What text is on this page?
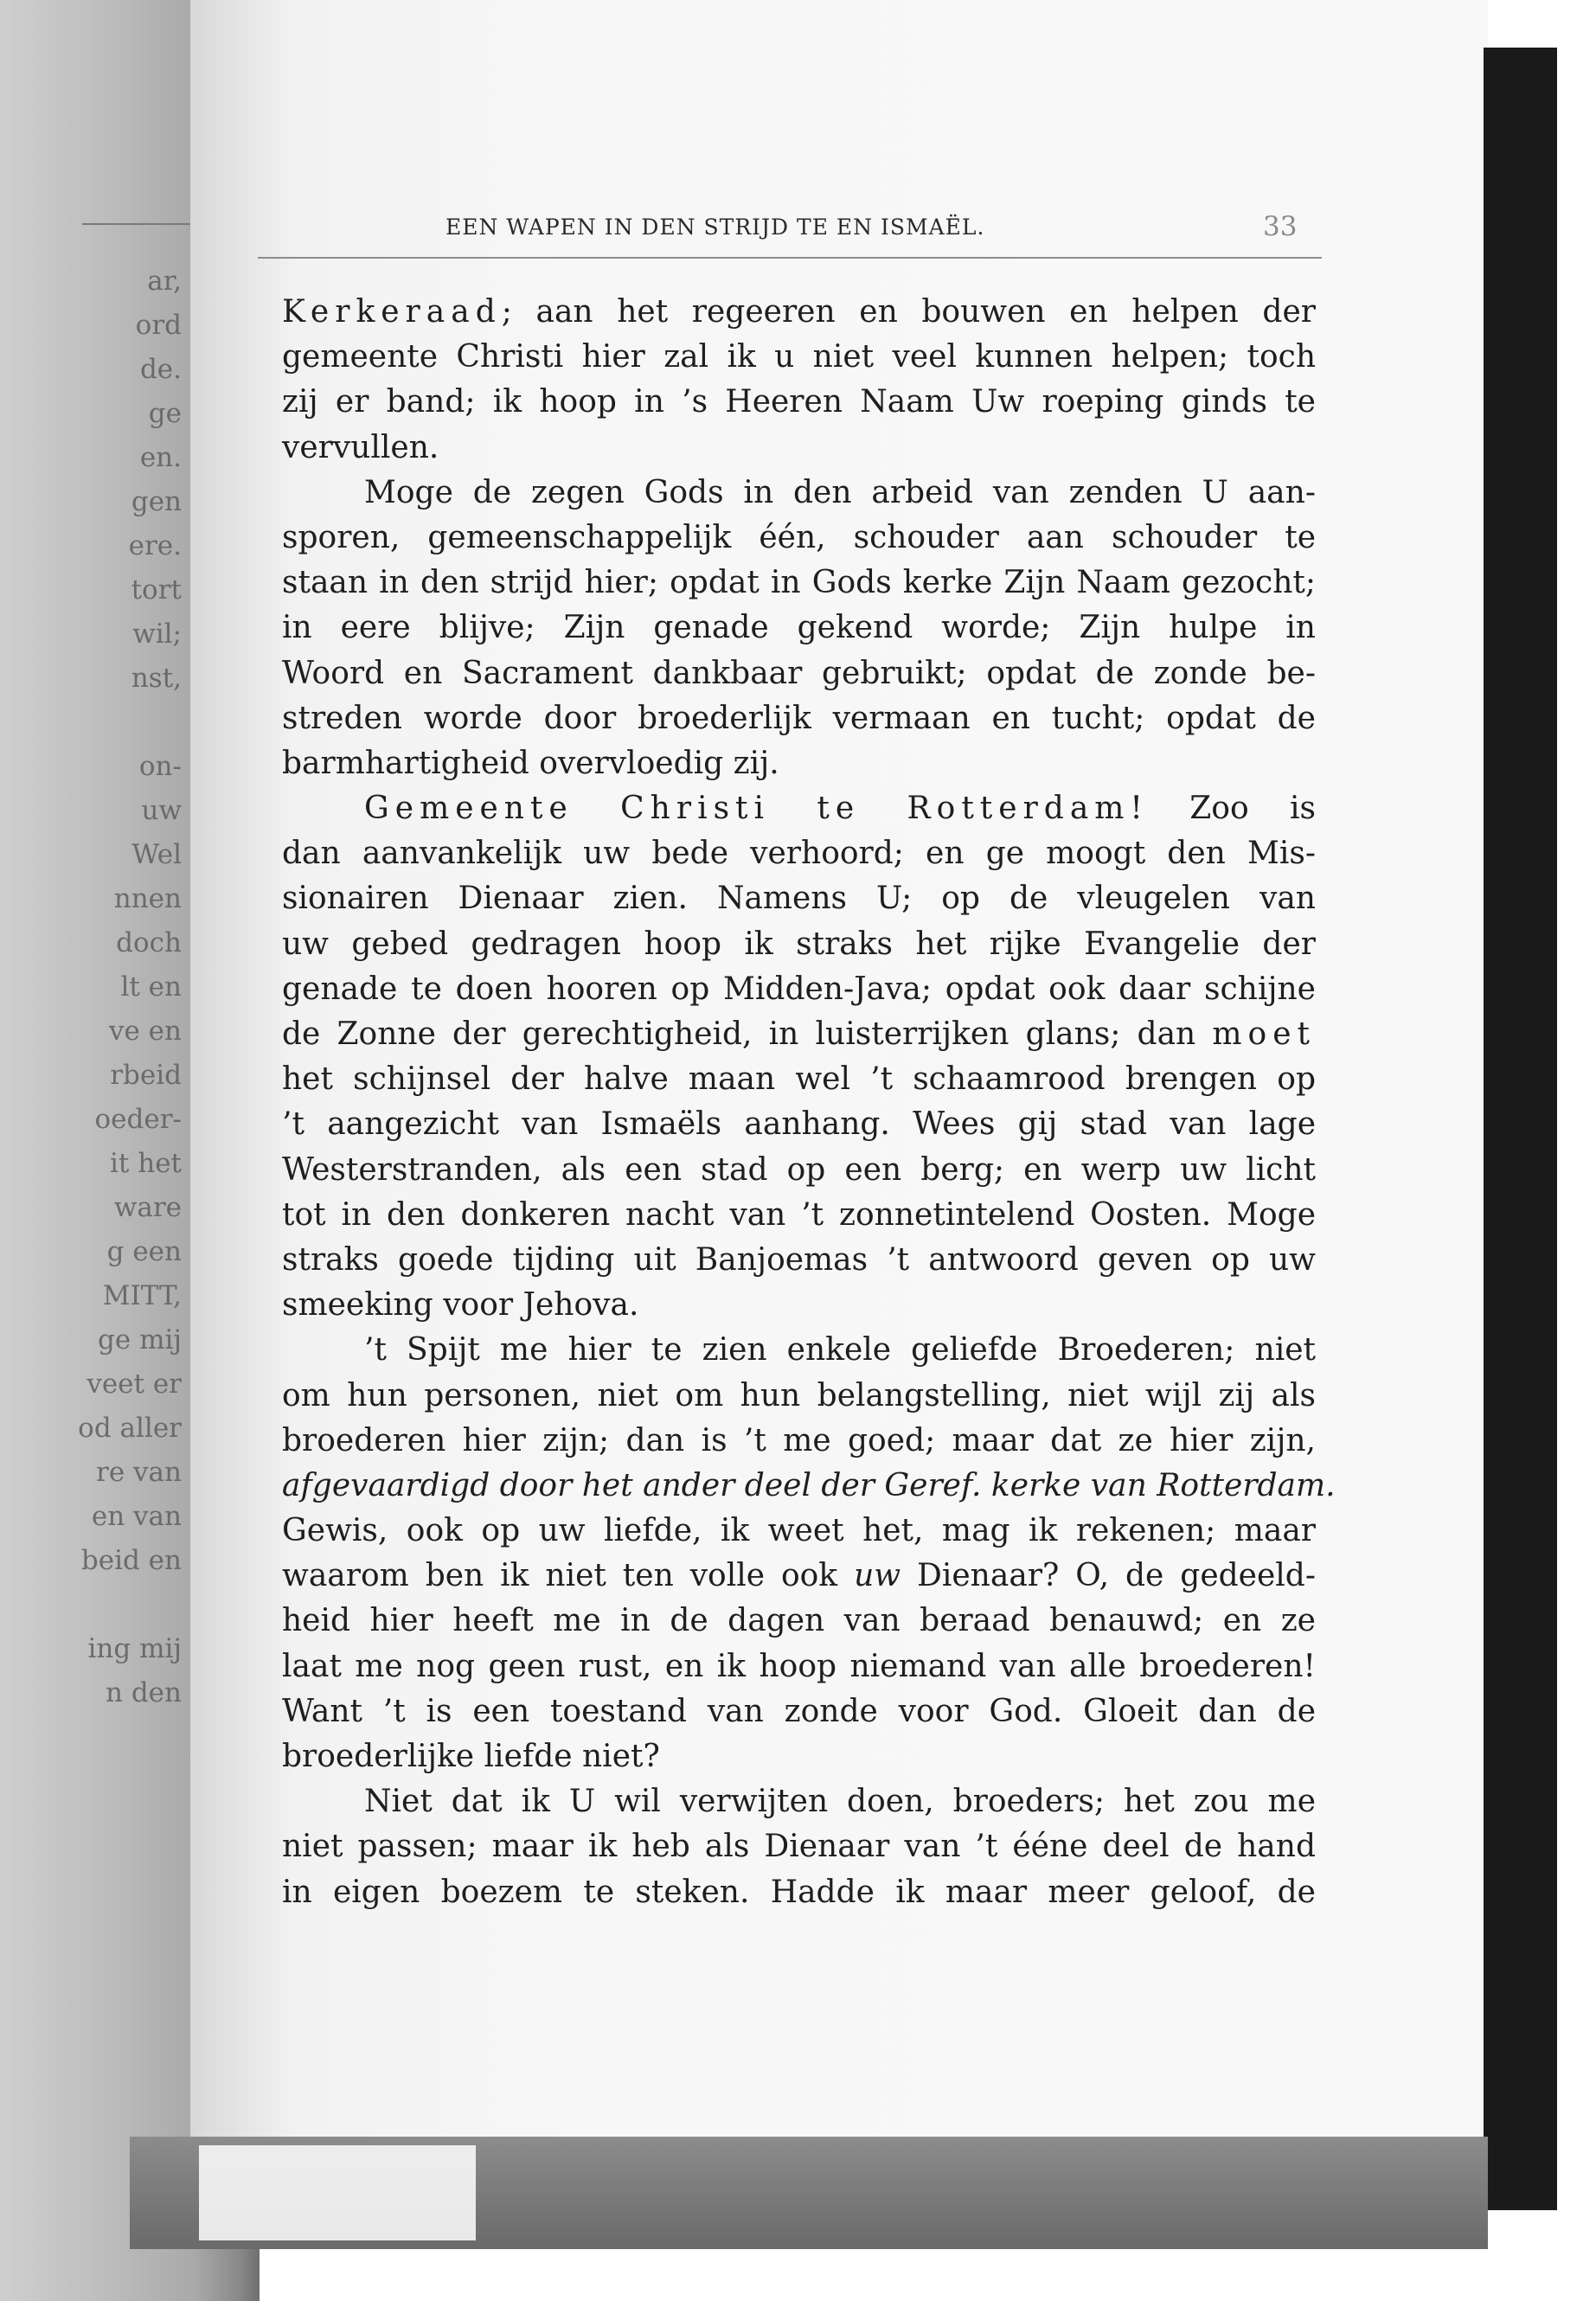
ar,
ord
de.
ge
en.
gen
ere.
tort
wil;
nst,

on-
uw
Wel
nnen
doch
lt en
ve en
rbeid
oeder-
it het
ware
g een
MITT,
ge mij
veet er
od aller
re van
en van
beid en

ing mij
n den
EEN WAPEN IN DEN STRIJD TE EN ISMAËL.	33
Kerkeraad; aan het regeeren en bouwen en helpen der
gemeente Christi hier zal ik u niet veel kunnen helpen; toch
zij er band; ik hoop in ’s Heeren Naam Uw roeping ginds te
vervullen.
Moge de zegen Gods in den arbeid van zenden U aan-
sporen, gemeenschappelijk één, schouder aan schouder te
staan in den strijd hier; opdat in Gods kerke Zijn Naam gezocht;
in eere blijve; Zijn genade gekend worde; Zijn hulpe in
Woord en Sacrament dankbaar gebruikt; opdat de zonde be-
streden worde door broederlijk vermaan en tucht; opdat de
barmhartigheid overvloedig zij.
Gemeente Christi te Rotterdam! Zoo is
dan aanvankelijk uw bede verhoord; en ge moogt den Mis-
sionairen Dienaar zien. Namens U; op de vleugelen van
uw gebed gedragen hoop ik straks het rijke Evangelie der
genade te doen hooren op Midden-Java; opdat ook daar schijne
de Zonne der gerechtigheid, in luisterrijken glans; dan moet
het schijnsel der halve maan wel ’t schaamrood brengen op
’t aangezicht van Ismaëls aanhang. Wees gij stad van lage
Westerstranden, als een stad op een berg; en werp uw licht
tot in den donkeren nacht van ’t zonnetintelend Oosten. Moge
straks goede tijding uit Banjoemas ’t antwoord geven op uw
smeeking voor Jehova.
’t Spijt me hier te zien enkele geliefde Broederen; niet
om hun personen, niet om hun belangstelling, niet wijl zij als
broederen hier zijn; dan is ’t me goed; maar dat ze hier zijn,
afgevaardigd door het ander deel der Geref. kerke van Rotterdam.
Gewis, ook op uw liefde, ik weet het, mag ik rekenen; maar
waarom ben ik niet ten volle ook uw Dienaar? O, de gedeeld-
heid hier heeft me in de dagen van beraad benauwd; en ze
laat me nog geen rust, en ik hoop niemand van alle broederen!
Want ’t is een toestand van zonde voor God. Gloeit dan de
broederlijke liefde niet?
Niet dat ik U wil verwijten doen, broeders; het zou me
niet passen; maar ik heb als Dienaar van ’t ééne deel de hand
in eigen boezem te steken. Hadde ik maar meer geloof, de
